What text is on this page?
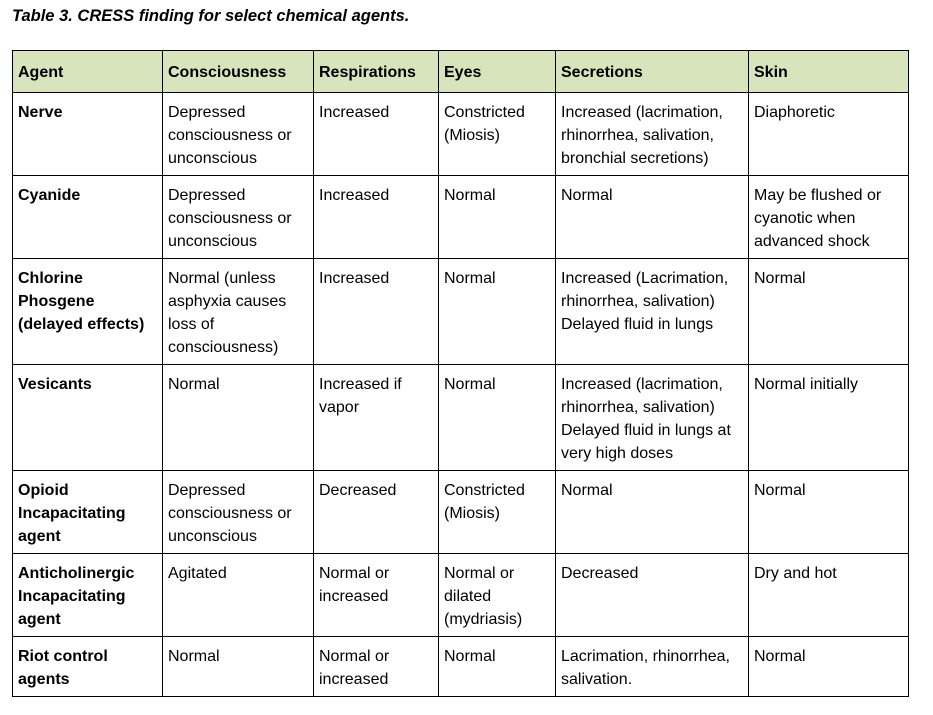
Table 3. CRESS finding for select chemical agents.
Agent	Consciousness	Respirations	Eyes	Secretions	Skin

Nerve	Depressed
consciousness or
unconscious	Increased	Constricted
(Miosis)	Increased (lacrimation,
rhinorrhea, salivation,
bronchial secretions)	Diaphoretic

Cyanide	Depressed
consciousness or
unconscious	Increased	Normal	Normal	May be flushed or
cyanotic when
advanced shock

Chlorine
Phosgene
(delayed effects)	Normal (unless
asphyxia causes
loss of
consciousness)	Increased	Normal	Increased (Lacrimation,
rhinorrhea, salivation)
Delayed fluid in lungs	Normal

Vesicants	Normal	Increased if
vapor	Normal	Increased (lacrimation,
rhinorrhea, salivation)
Delayed fluid in lungs at
very high doses	Normal initially

Opioid
Incapacitating
agent	Depressed
consciousness or
unconscious	Decreased	Constricted
(Miosis)	Normal	Normal

Anticholinergic
Incapacitating
agent	Agitated	Normal or
increased	Normal or
dilated
(mydriasis)	Decreased	Dry and hot

Riot control
agents	Normal	Normal or
increased	Normal	Lacrimation, rhinorrhea,
salivation.	Normal
